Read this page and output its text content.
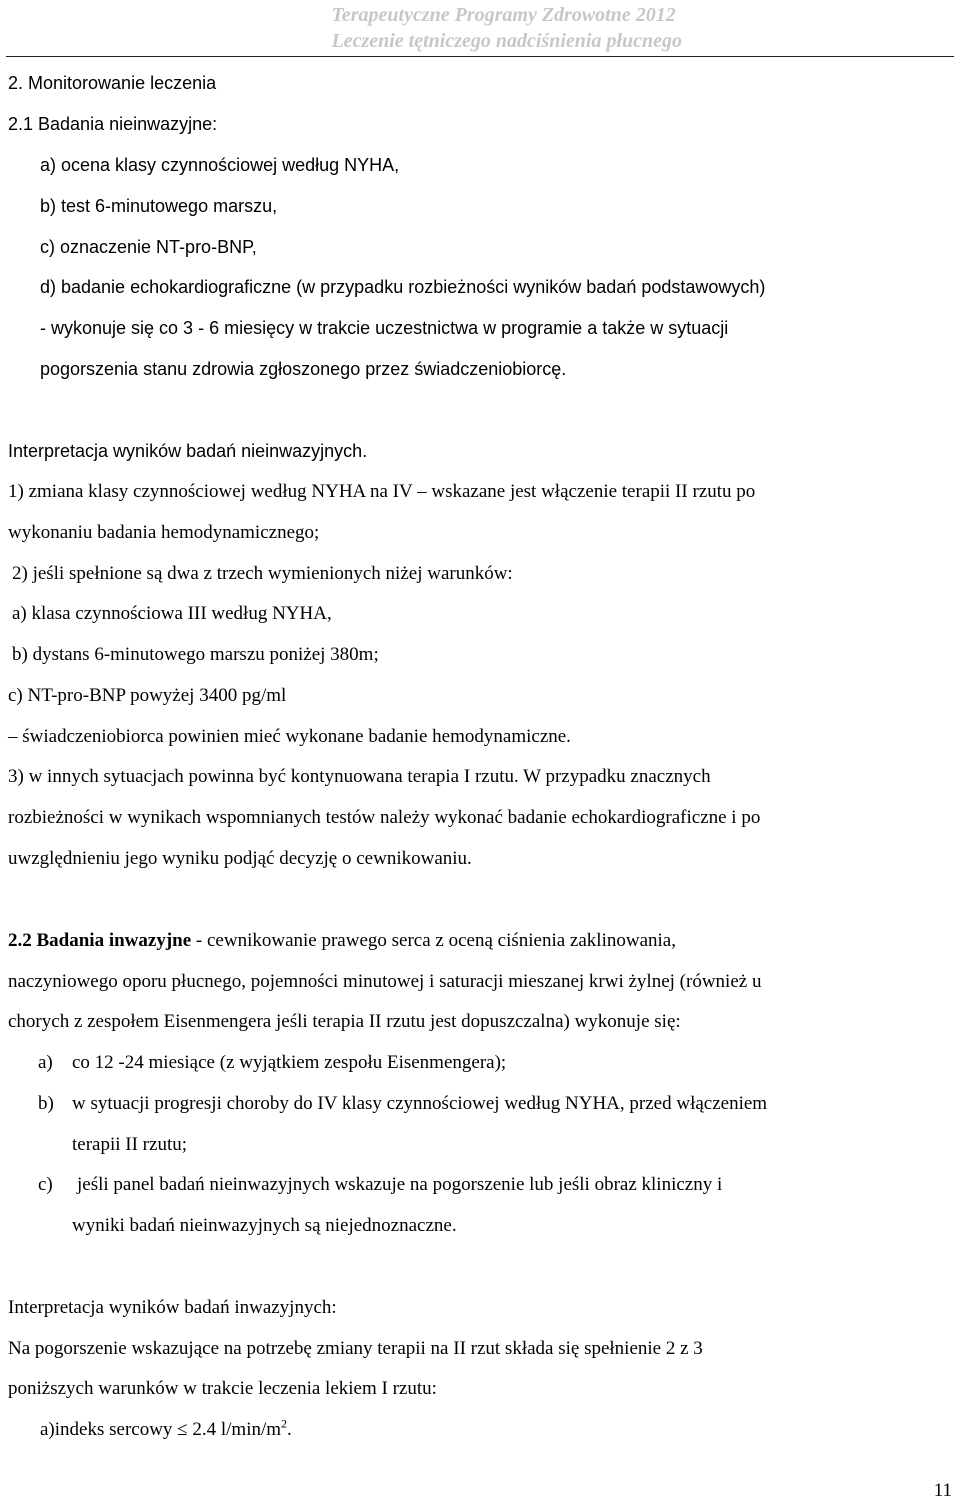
Terapeutyczne Programy Zdrowotne 2012
Leczenie tętniczego nadciśnienia płucnego
2. Monitorowanie leczenia
2.1 Badania nieinwazyjne:
a) ocena klasy czynnościowej według NYHA,
b) test 6-minutowego marszu,
c) oznaczenie NT-pro-BNP,
d) badanie echokardiograficzne (w przypadku rozbieżności wyników badań podstawowych)
- wykonuje się co 3 - 6 miesięcy w trakcie uczestnictwa w programie a także w sytuacji
pogorszenia stanu zdrowia zgłoszonego przez świadczeniobiorcę.
Interpretacja wyników badań nieinwazyjnych.
1) zmiana klasy czynnościowej według NYHA na IV – wskazane jest włączenie terapii II rzutu po
wykonaniu badania hemodynamicznego;
2) jeśli spełnione są dwa z trzech wymienionych niżej warunków:
a) klasa czynnościowa III według NYHA,
b) dystans 6-minutowego marszu poniżej 380m;
c) NT-pro-BNP powyżej 3400 pg/ml
– świadczeniobiorca powinien mieć wykonane badanie hemodynamiczne.
3) w innych sytuacjach powinna być kontynuowana terapia I rzutu. W przypadku znacznych
rozbieżności w wynikach wspomnianych testów należy wykonać badanie echokardiograficzne i po
uwzględnieniu jego wyniku podjąć decyzję o cewnikowaniu.
2.2 Badania inwazyjne - cewnikowanie prawego serca z oceną ciśnienia zaklinowania,
naczyniowego oporu płucnego, pojemności minutowej i saturacji mieszanej krwi żylnej (również u
chorych z zespołem Eisenmengera jeśli terapia II rzutu jest dopuszczalna) wykonuje się:
a) co 12 -24 miesiące (z wyjątkiem zespołu Eisenmengera);
b) w sytuacji progresji choroby do IV klasy czynnościowej według NYHA, przed włączeniem
terapii II rzutu;
c) jeśli panel badań nieinwazyjnych wskazuje na pogorszenie lub jeśli obraz kliniczny i
wyniki badań nieinwazyjnych są niejednoznaczne.
Interpretacja wyników badań inwazyjnych:
Na pogorszenie wskazujące na potrzebę zmiany terapii na II rzut składa się spełnienie 2 z 3
poniższych warunków w trakcie leczenia lekiem I rzutu:
a)indeks sercowy ≤ 2.4 $l/\min/m^2$.
11
